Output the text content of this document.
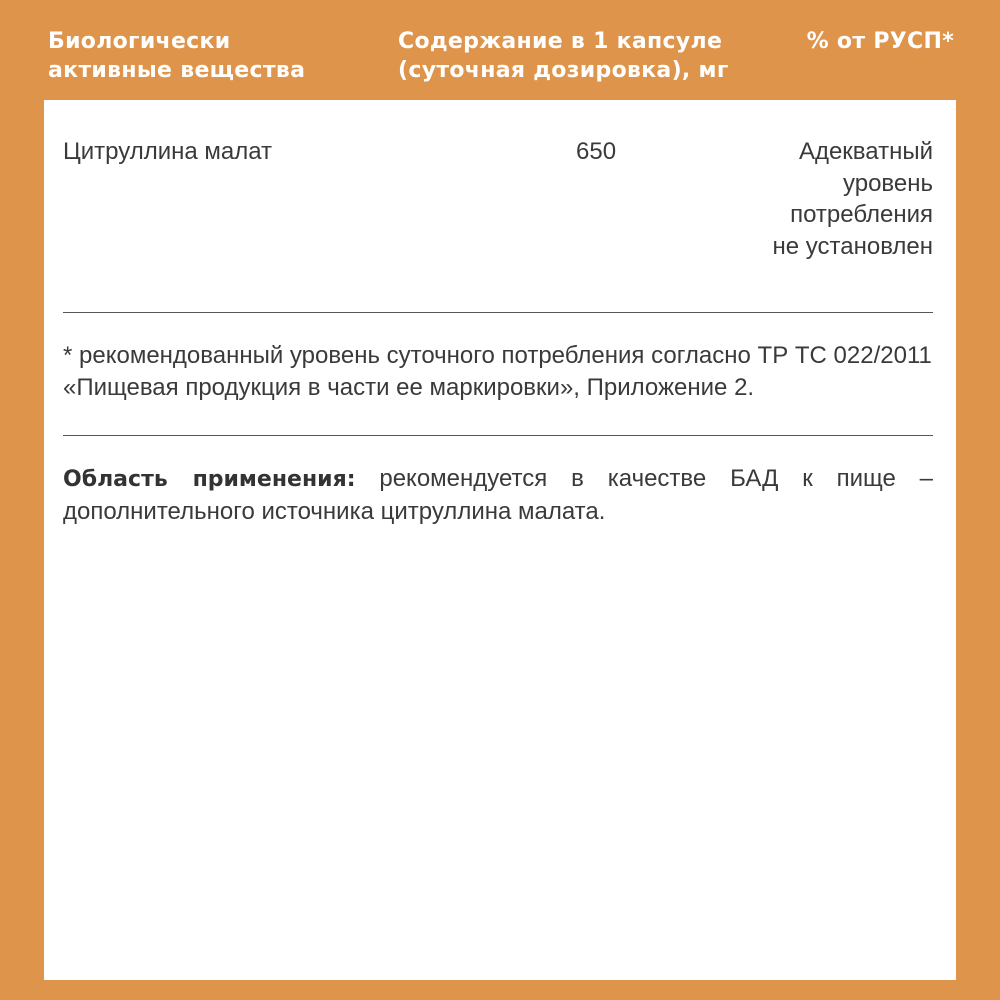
Биологически активные вещества
Содержание в 1 капсуле (суточная дозировка), мг
% от РУСП*
Цитруллина малат	650	Адекватный
уровень
потребления
не установлен
* рекомендованный уровень суточного потребления согласно ТР ТС 022/2011 «Пищевая продукция в части ее маркировки», Приложение 2.
Область применения: рекомендуется в качестве БАД к пище – дополнительного источника цитруллина малата.
